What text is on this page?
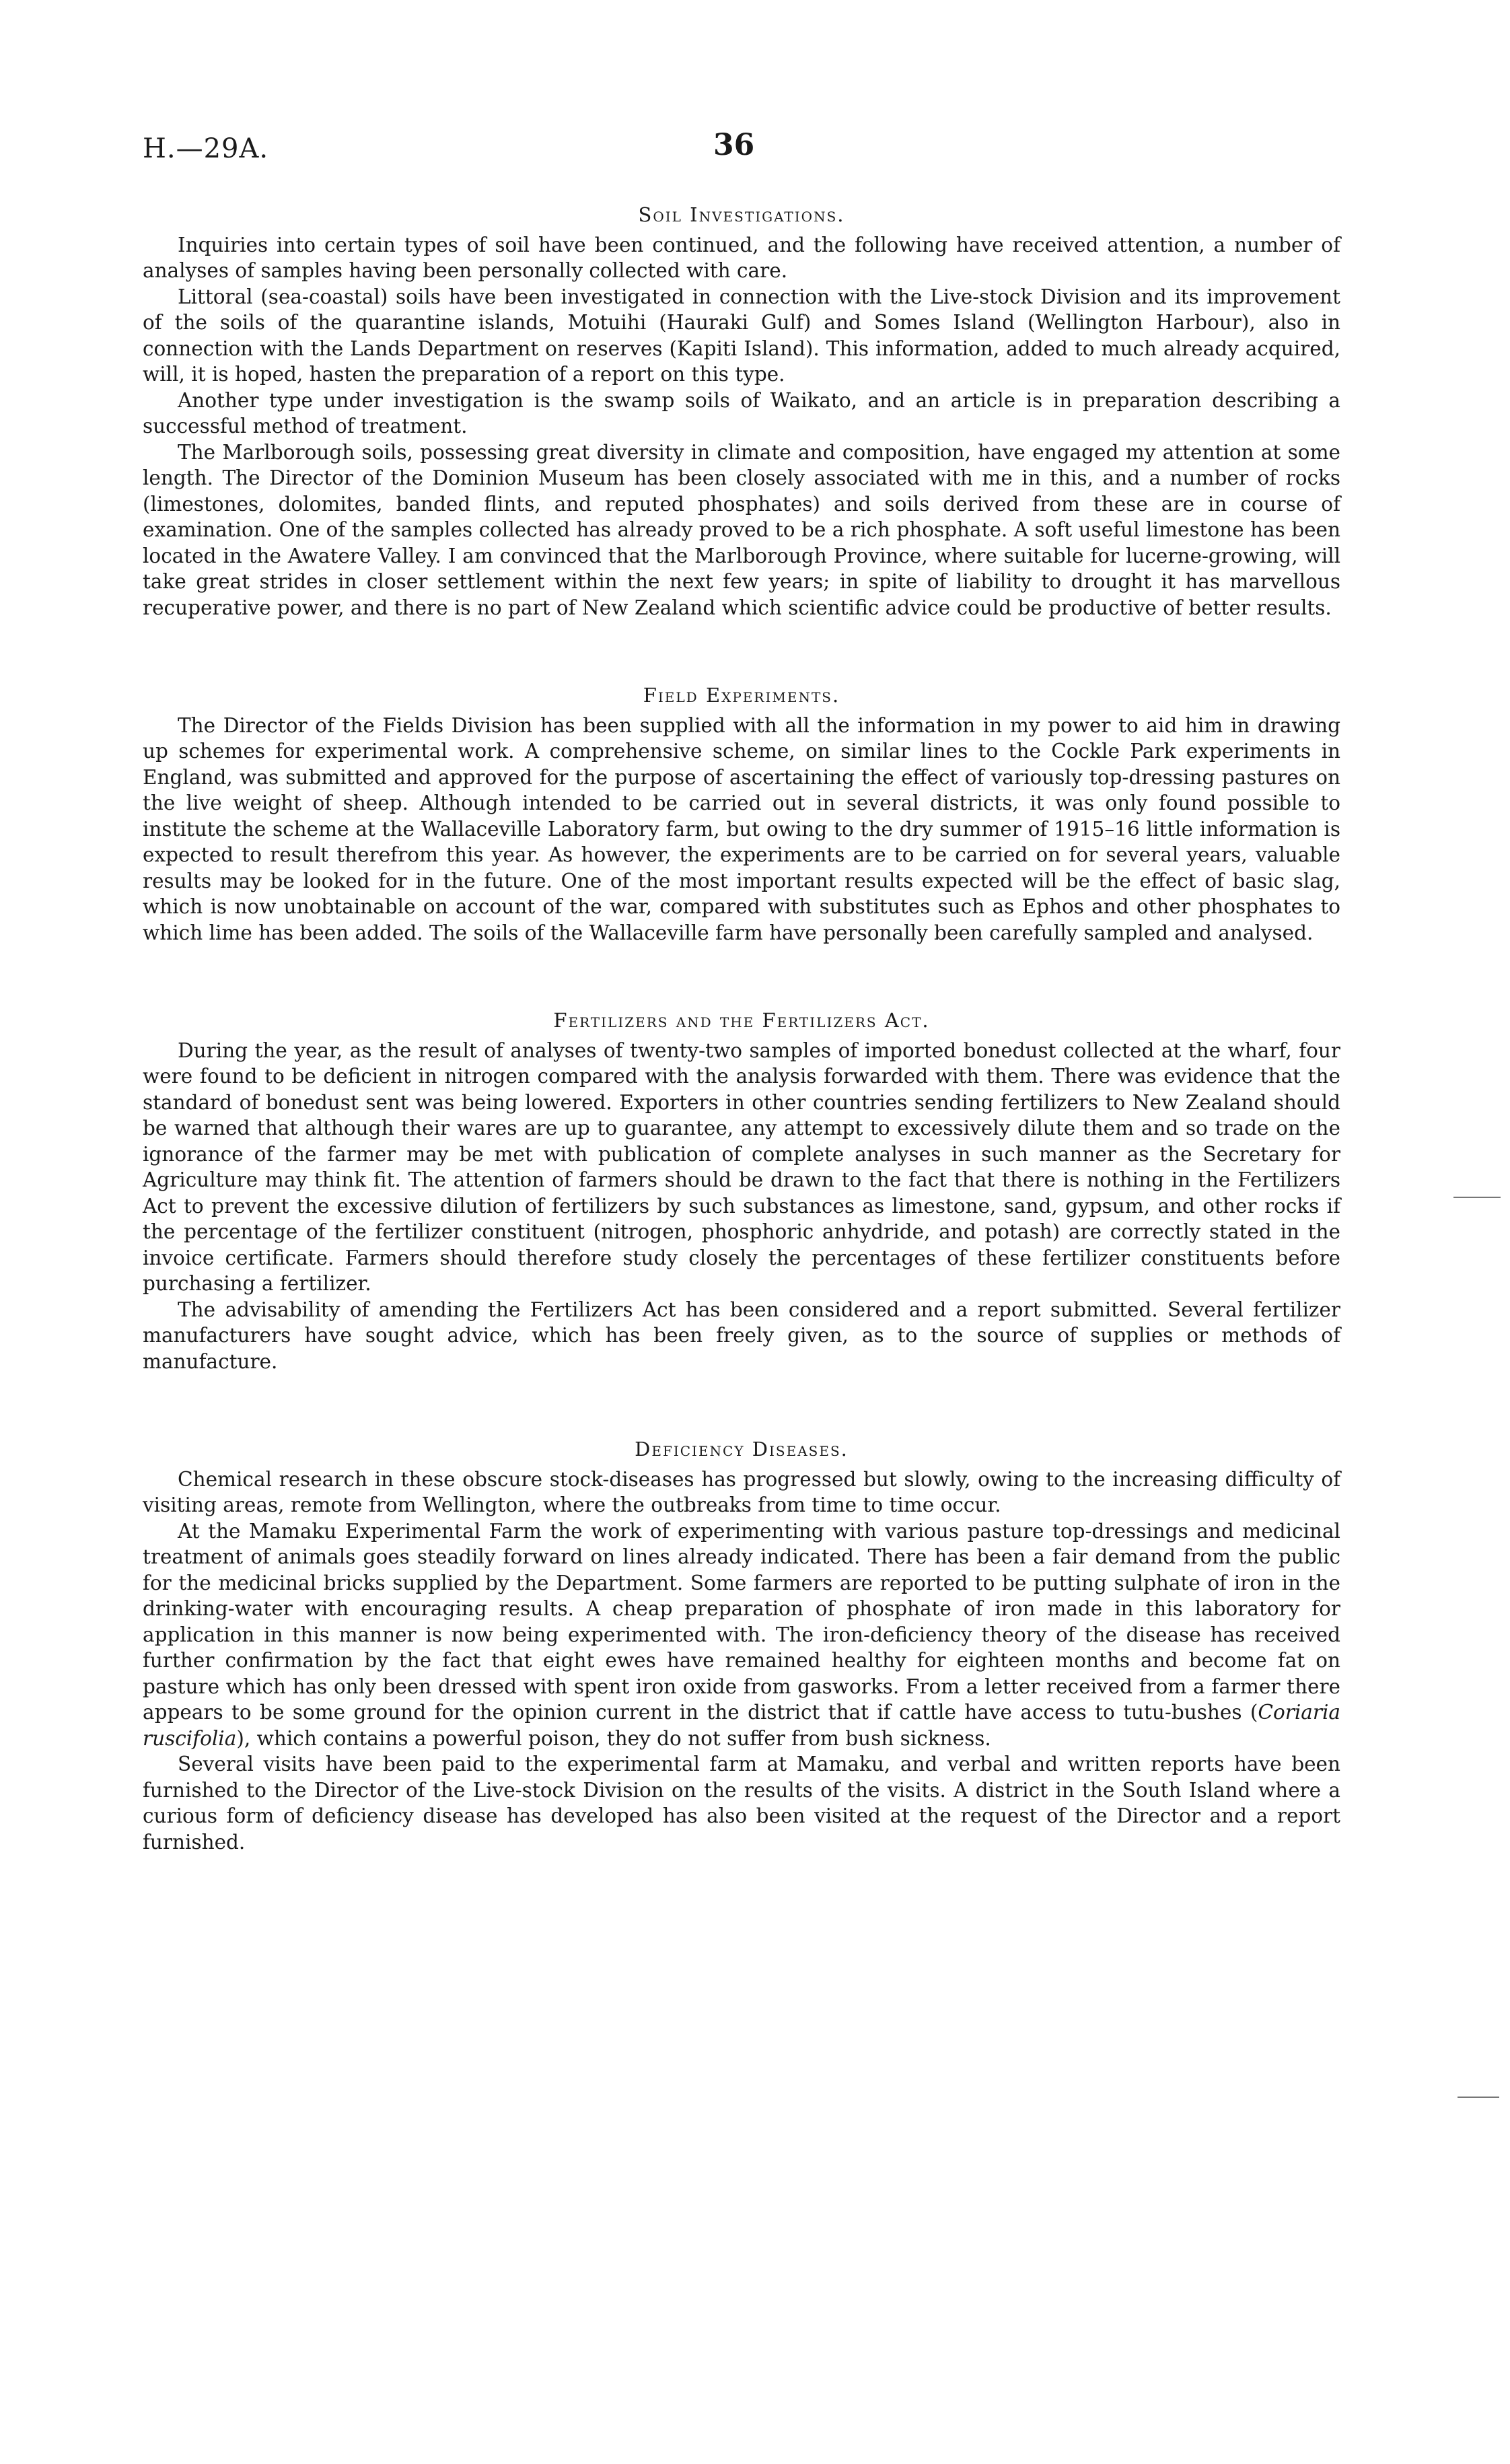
H.—29A.	36
Soil Investigations.

Inquiries into certain types of soil have been continued, and the following have received attention, a number of analyses of samples having been personally collected with care.

Littoral (sea-coastal) soils have been investigated in connection with the Live-stock Division and its improvement of the soils of the quarantine islands, Motuihi (Hauraki Gulf) and Somes Island (Wellington Harbour), also in connection with the Lands Department on reserves (Kapiti Island). This information, added to much already acquired, will, it is hoped, hasten the preparation of a report on this type.

Another type under investigation is the swamp soils of Waikato, and an article is in preparation describing a successful method of treatment.

The Marlborough soils, possessing great diversity in climate and composition, have engaged my attention at some length. The Director of the Dominion Museum has been closely associated with me in this, and a number of rocks (limestones, dolomites, banded flints, and reputed phosphates) and soils derived from these are in course of examination. One of the samples collected has already proved to be a rich phosphate. A soft useful limestone has been located in the Awatere Valley. I am convinced that the Marlborough Province, where suitable for lucerne-growing, will take great strides in closer settlement within the next few years; in spite of liability to drought it has marvellous recuperative power, and there is no part of New Zealand which scientific advice could be productive of better results.

Field Experiments.

The Director of the Fields Division has been supplied with all the information in my power to aid him in drawing up schemes for experimental work. A comprehensive scheme, on similar lines to the Cockle Park experiments in England, was submitted and approved for the purpose of ascertaining the effect of variously top-dressing pastures on the live weight of sheep. Although intended to be carried out in several districts, it was only found possible to institute the scheme at the Wallaceville Laboratory farm, but owing to the dry summer of 1915–16 little information is expected to result therefrom this year. As however, the experiments are to be carried on for several years, valuable results may be looked for in the future. One of the most important results expected will be the effect of basic slag, which is now unobtainable on account of the war, compared with substitutes such as Ephos and other phosphates to which lime has been added. The soils of the Wallaceville farm have personally been carefully sampled and analysed.

Fertilizers and the Fertilizers Act.

During the year, as the result of analyses of twenty-two samples of imported bonedust collected at the wharf, four were found to be deficient in nitrogen compared with the analysis forwarded with them. There was evidence that the standard of bonedust sent was being lowered. Exporters in other countries sending fertilizers to New Zealand should be warned that although their wares are up to guarantee, any attempt to excessively dilute them and so trade on the ignorance of the farmer may be met with publication of complete analyses in such manner as the Secretary for Agriculture may think fit. The attention of farmers should be drawn to the fact that there is nothing in the Fertilizers Act to prevent the excessive dilution of fertilizers by such substances as limestone, sand, gypsum, and other rocks if the percentage of the fertilizer constituent (nitrogen, phosphoric anhydride, and potash) are correctly stated in the invoice certificate. Farmers should therefore study closely the percentages of these fertilizer constituents before purchasing a fertilizer.

The advisability of amending the Fertilizers Act has been considered and a report submitted. Several fertilizer manufacturers have sought advice, which has been freely given, as to the source of supplies or methods of manufacture.

Deficiency Diseases.

Chemical research in these obscure stock-diseases has progressed but slowly, owing to the increasing difficulty of visiting areas, remote from Wellington, where the outbreaks from time to time occur.

At the Mamaku Experimental Farm the work of experimenting with various pasture top-dressings and medicinal treatment of animals goes steadily forward on lines already indicated. There has been a fair demand from the public for the medicinal bricks supplied by the Department. Some farmers are reported to be putting sulphate of iron in the drinking-water with encouraging results. A cheap preparation of phosphate of iron made in this laboratory for application in this manner is now being experimented with. The iron-deficiency theory of the disease has received further confirmation by the fact that eight ewes have remained healthy for eighteen months and become fat on pasture which has only been dressed with spent iron oxide from gasworks. From a letter received from a farmer there appears to be some ground for the opinion current in the district that if cattle have access to tutu-bushes (Coriaria ruscifolia), which contains a powerful poison, they do not suffer from bush sickness.

Several visits have been paid to the experimental farm at Mamaku, and verbal and written reports have been furnished to the Director of the Live-stock Division on the results of the visits. A district in the South Island where a curious form of deficiency disease has developed has also been visited at the request of the Director and a report furnished.
